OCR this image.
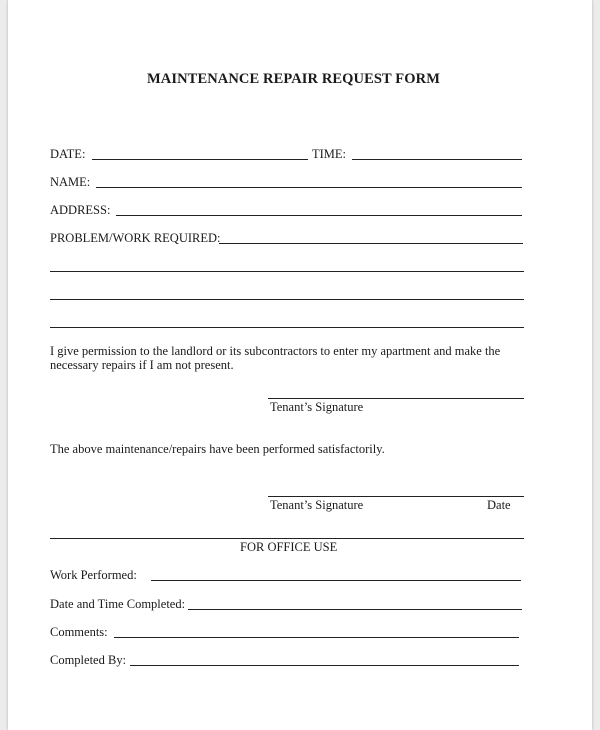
MAINTENANCE REPAIR REQUEST FORM
DATE:	TIME:
NAME:
ADDRESS:
PROBLEM/WORK REQUIRED:
I give permission to the landlord or its subcontractors to enter my apartment and make the
necessary repairs if I am not present.
Tenant’s Signature
The above maintenance/repairs have been performed satisfactorily.
Tenant’s Signature	Date
FOR OFFICE USE
Work Performed:
Date and Time Completed:
Comments:
Completed By:
